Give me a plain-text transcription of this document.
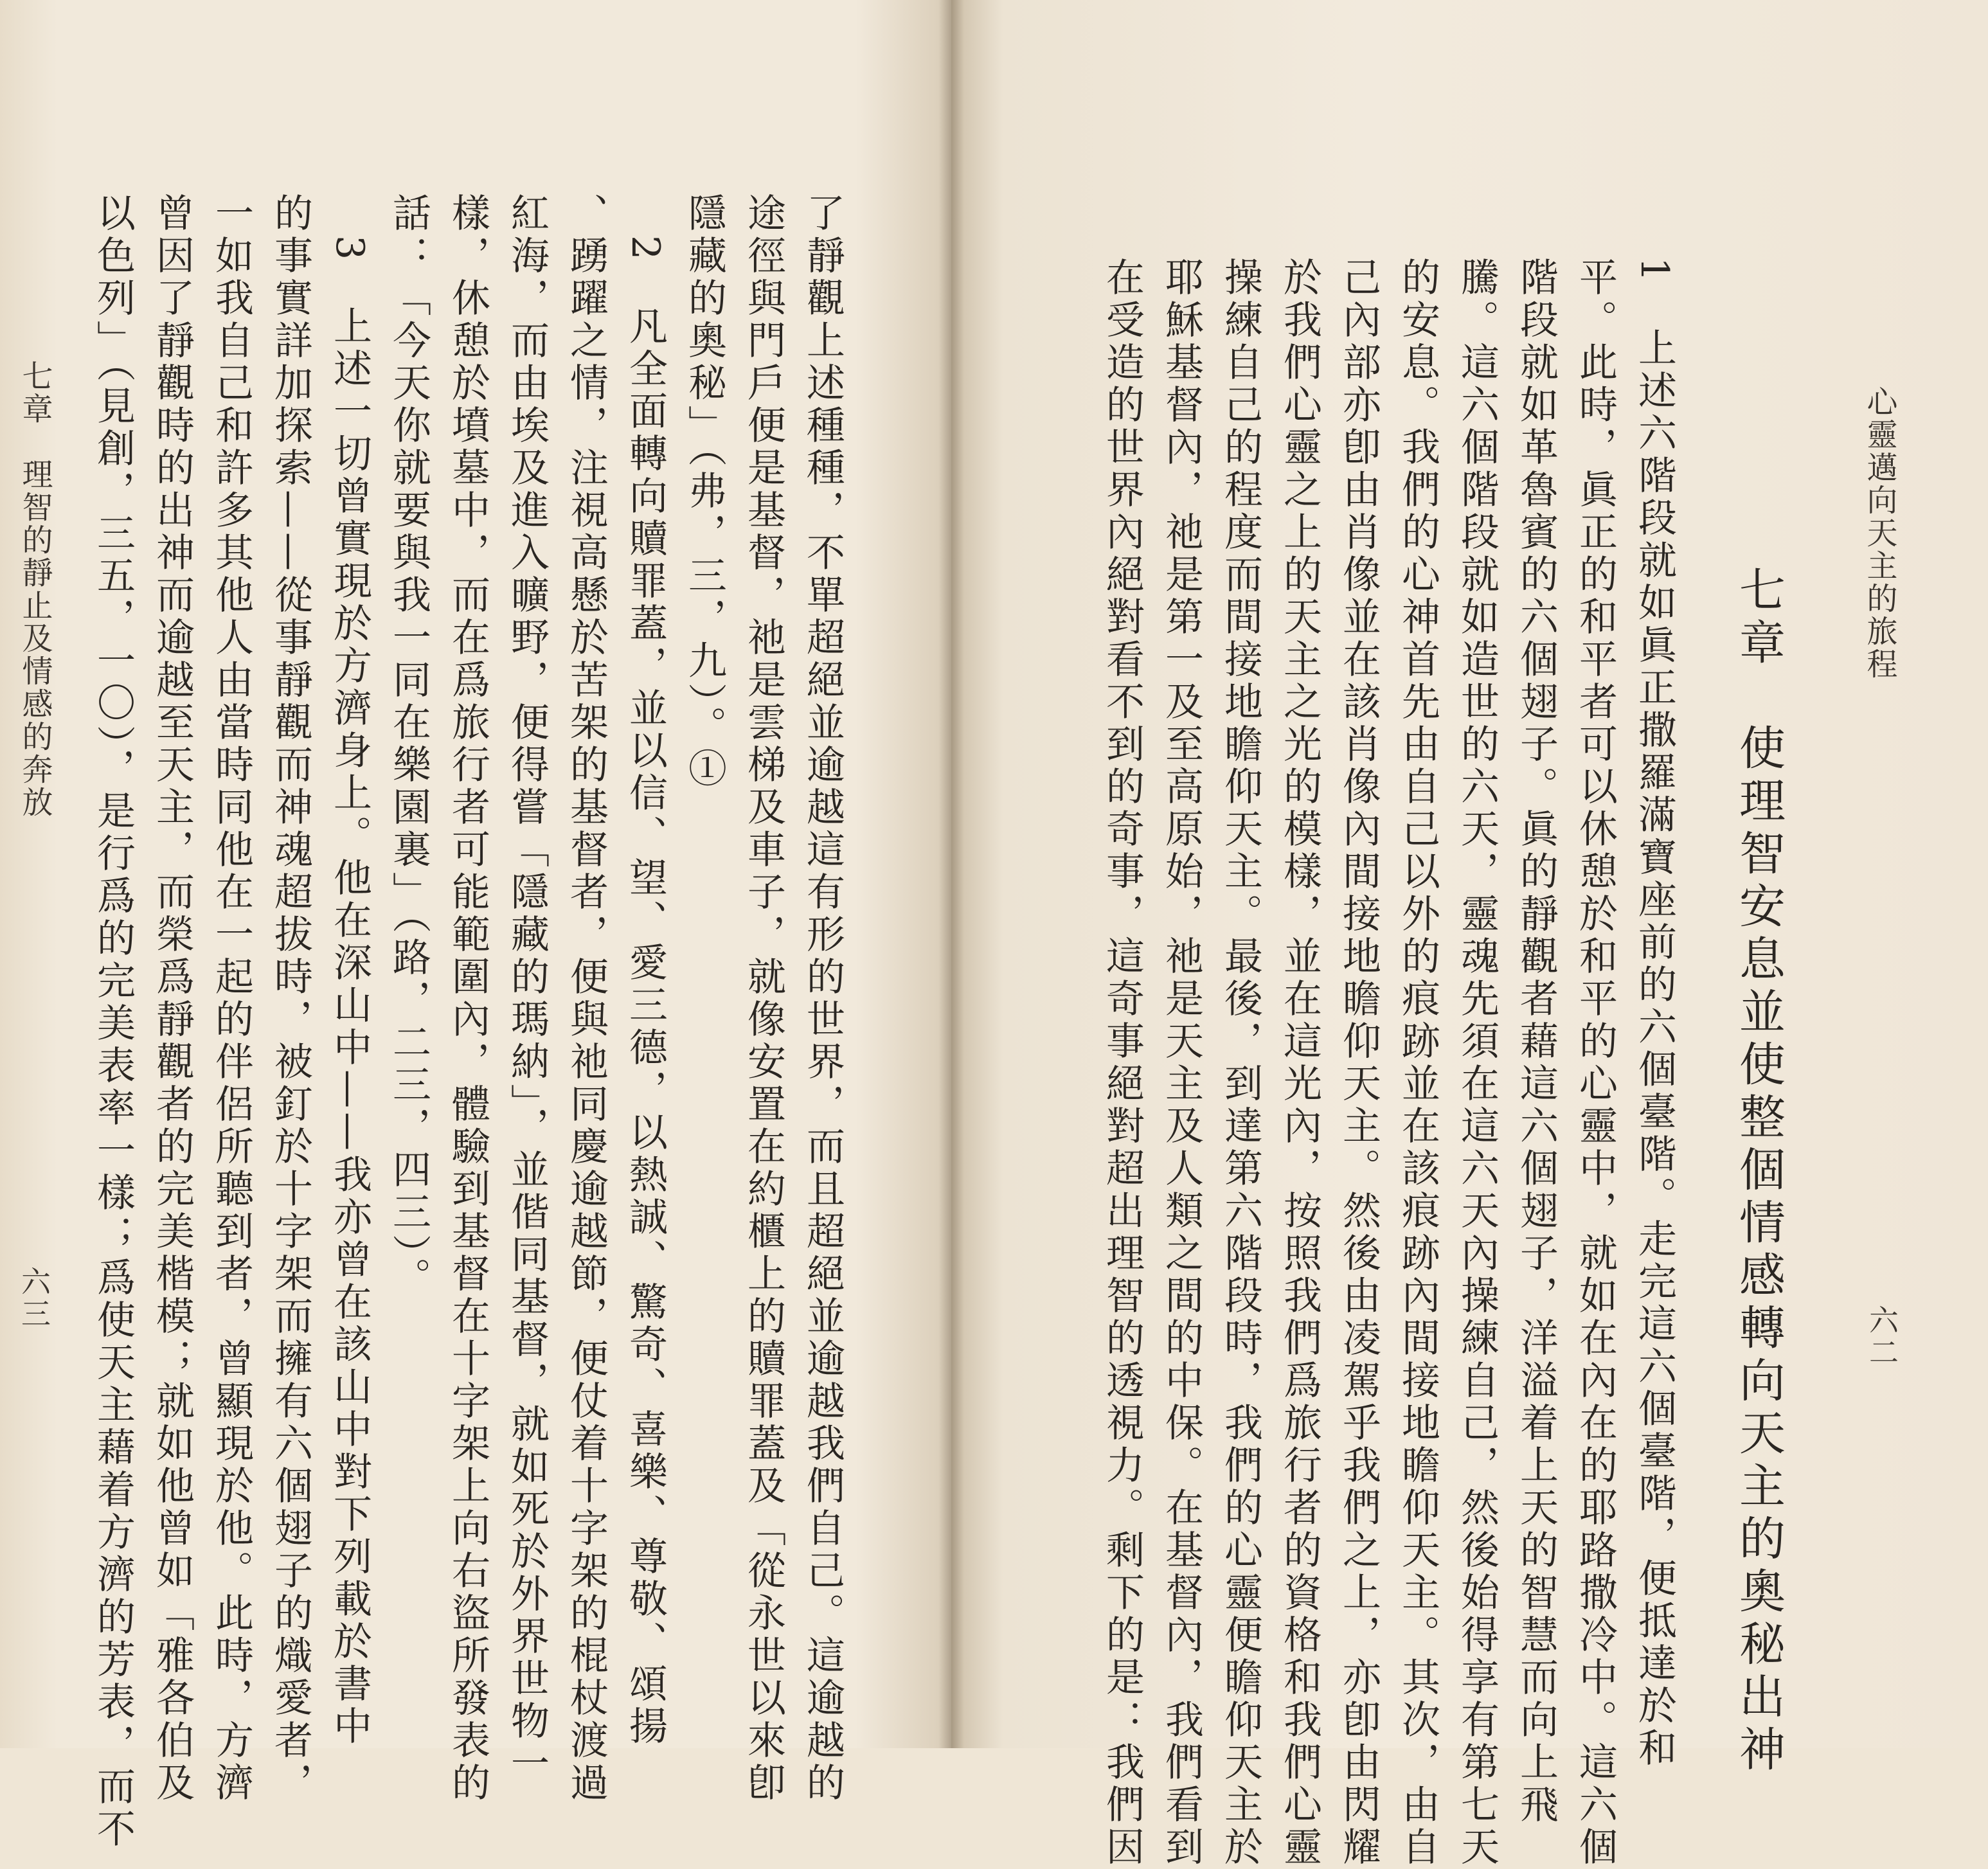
心靈邁向天主的旅程
六二
七章　使理智安息並使整個情感轉向天主的奧秘出神
1　上述六階段就如眞正撒羅滿寶座前的六個臺階。走完這六個臺階，便抵達於和
平。此時，眞正的和平者可以休憩於和平的心靈中，就如在內在的耶路撒冷中。這六個
階段就如革魯賓的六個翅子。眞的靜觀者藉這六個翅子，洋溢着上天的智慧而向上飛
騰。這六個階段就如造世的六天，靈魂先須在這六天內操練自己，然後始得享有第七天
的安息。我們的心神首先由自己以外的痕跡並在該痕跡內間接地瞻仰天主。其次，由自
己內部亦卽由肖像並在該肖像內間接地瞻仰天主。然後由凌駕乎我們之上，亦卽由閃耀
於我們心靈之上的天主之光的模樣，並在這光內，按照我們爲旅行者的資格和我們心靈
操練自己的程度而間接地瞻仰天主。最後，到達第六階段時，我們的心靈便瞻仰天主於
耶穌基督內，祂是第一及至高原始，祂是天主及人類之間的中保。在基督內，我們看到
在受造的世界內絕對看不到的奇事，這奇事絕對超出理智的透視力。剩下的是：我們因
了靜觀上述種種，不單超絕並逾越這有形的世界，而且超絕並逾越我們自己。這逾越的
途徑與門戶便是基督，祂是雲梯及車子，就像安置在約櫃上的贖罪蓋及「從永世以來卽
隱藏的奧秘」（弗，三，九）。①
　2　凡全面轉向贖罪蓋，並以信、望、愛三德，以熱誠、驚奇、喜樂、尊敬、頌揚
、踴躍之情，注視高懸於苦架的基督者，便與祂同慶逾越節，便仗着十字架的棍杖渡過
紅海，而由埃及進入曠野，便得嘗「隱藏的瑪納」，並偕同基督，就如死於外界世物一
樣，休憩於墳墓中，而在爲旅行者可能範圍內，體驗到基督在十字架上向右盜所發表的
話：「今天你就要與我一同在樂園裏」（路，二三，四三）。
　3　上述一切曾實現於方濟身上。他在深山中——我亦曾在該山中對下列載於書中
的事實詳加探索——從事靜觀而神魂超拔時，被釘於十字架而擁有六個翅子的熾愛者，
一如我自己和許多其他人由當時同他在一起的伴侶所聽到者，曾顯現於他。此時，方濟
曾因了靜觀時的出神而逾越至天主，而榮爲靜觀者的完美楷模；就如他曾如「雅各伯及
以色列」（見創，三五，一〇），是行爲的完美表率一樣；爲使天主藉着方濟的芳表，而不
七章　理智的靜止及情感的奔放
六三
